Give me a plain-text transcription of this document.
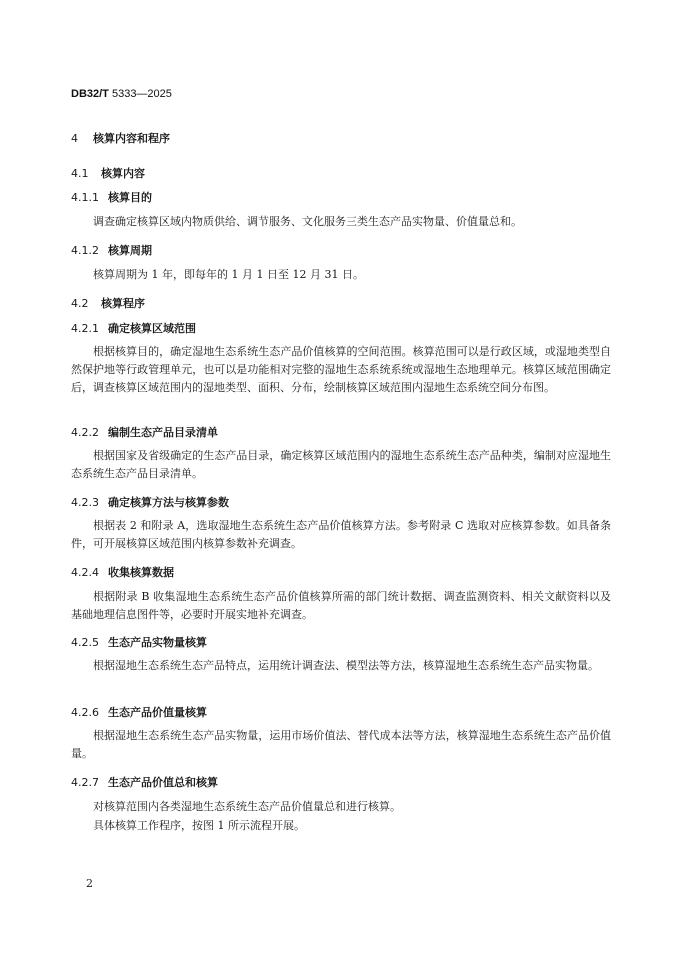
DB32/T 5333—2025
4 核算内容和程序
4.1 核算内容
4.1.1 核算目的
调查确定核算区域内物质供给、调节服务、文化服务三类生态产品实物量、价值量总和。
4.1.2 核算周期
核算周期为 1 年，即每年的 1 月 1 日至 12 月 31 日。
4.2 核算程序
4.2.1 确定核算区域范围
根据核算目的，确定湿地生态系统生态产品价值核算的空间范围。核算范围可以是行政区域，或湿地类型自然保护地等行政管理单元，也可以是功能相对完整的湿地生态系统系统或湿地生态地理单元。核算区域范围确定后，调查核算区域范围内的湿地类型、面积、分布，绘制核算区域范围内湿地生态系统空间分布图。
4.2.2 编制生态产品目录清单
根据国家及省级确定的生态产品目录，确定核算区域范围内的湿地生态系统生态产品种类，编制对应湿地生态系统生态产品目录清单。
4.2.3 确定核算方法与核算参数
根据表 2 和附录 A，选取湿地生态系统生态产品价值核算方法。参考附录 C 选取对应核算参数。如具备条件，可开展核算区域范围内核算参数补充调查。
4.2.4 收集核算数据
根据附录 B 收集湿地生态系统生态产品价值核算所需的部门统计数据、调查监测资料、相关文献资料以及基础地理信息图件等，必要时开展实地补充调查。
4.2.5 生态产品实物量核算
根据湿地生态系统生态产品特点，运用统计调查法、模型法等方法，核算湿地生态系统生态产品实物量。
4.2.6 生态产品价值量核算
根据湿地生态系统生态产品实物量，运用市场价值法、替代成本法等方法，核算湿地生态系统生态产品价值量。
4.2.7 生态产品价值总和核算
对核算范围内各类湿地生态系统生态产品价值量总和进行核算。
具体核算工作程序，按图 1 所示流程开展。
2
